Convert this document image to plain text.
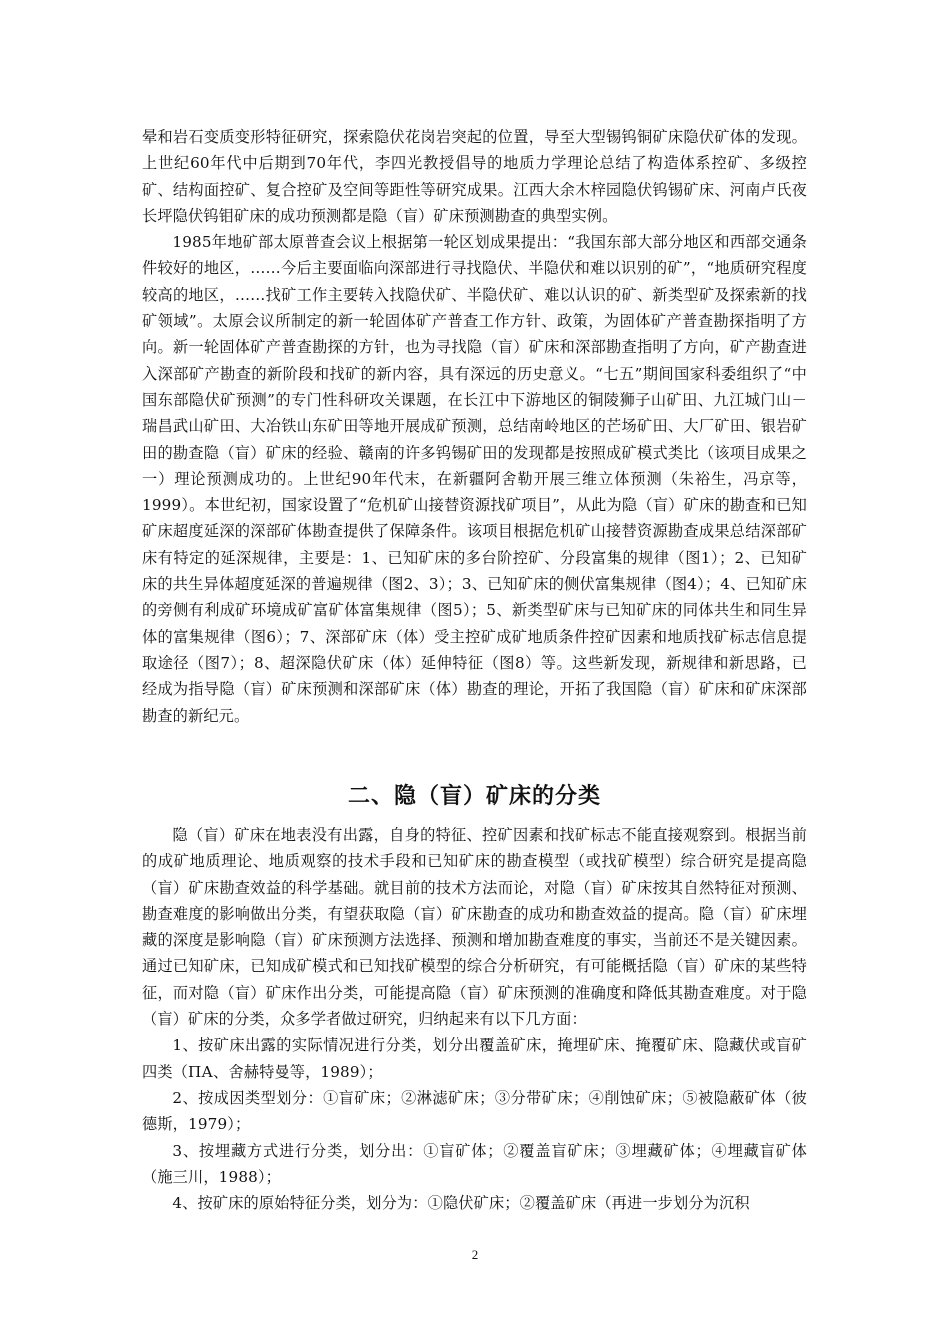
晕和岩石变质变形特征研究，探索隐伏花岗岩突起的位置，导至大型锡钨铜矿床隐伏矿体的发现。上世纪60年代中后期到70年代，李四光教授倡导的地质力学理论总结了构造体系控矿、多级控矿、结构面控矿、复合控矿及空间等距性等研究成果。江西大余木梓园隐伏钨锡矿床、河南卢氏夜长坪隐伏钨钼矿床的成功预测都是隐（盲）矿床预测勘查的典型实例。

1985年地矿部太原普查会议上根据第一轮区划成果提出：“我国东部大部分地区和西部交通条件较好的地区，……今后主要面临向深部进行寻找隐伏、半隐伏和难以识别的矿”，“地质研究程度较高的地区，……找矿工作主要转入找隐伏矿、半隐伏矿、难以认识的矿、新类型矿及探索新的找矿领域”。太原会议所制定的新一轮固体矿产普查工作方针、政策，为固体矿产普查勘探指明了方向。新一轮固体矿产普查勘探的方针，也为寻找隐（盲）矿床和深部勘查指明了方向，矿产勘查进入深部矿产勘查的新阶段和找矿的新内容，具有深远的历史意义。“七五”期间国家科委组织了“中国东部隐伏矿预测”的专门性科研攻关课题，在长江中下游地区的铜陵狮子山矿田、九江城门山－瑞昌武山矿田、大冶铁山东矿田等地开展成矿预测，总结南岭地区的芒场矿田、大厂矿田、银岩矿田的勘查隐（盲）矿床的经验、赣南的许多钨锡矿田的发现都是按照成矿模式类比（该项目成果之一）理论预测成功的。上世纪90年代末，在新疆阿舍勒开展三维立体预测（朱裕生，冯京等，1999）。本世纪初，国家设置了“危机矿山接替资源找矿项目”，从此为隐（盲）矿床的勘查和已知矿床超度延深的深部矿体勘查提供了保障条件。该项目根据危机矿山接替资源勘查成果总结深部矿床有特定的延深规律，主要是：1、已知矿床的多台阶控矿、分段富集的规律（图1）；2、已知矿床的共生异体超度延深的普遍规律（图2、3）；3、已知矿床的侧伏富集规律（图4）；4、已知矿床的旁侧有利成矿环境成矿富矿体富集规律（图5）；5、新类型矿床与已知矿床的同体共生和同生异体的富集规律（图6）；7、深部矿床（体）受主控矿成矿地质条件控矿因素和地质找矿标志信息提取途径（图7）；8、超深隐伏矿床（体）延伸特征（图8）等。这些新发现，新规律和新思路，已经成为指导隐（盲）矿床预测和深部矿床（体）勘查的理论，开拓了我国隐（盲）矿床和矿床深部勘查的新纪元。

二、隐（盲）矿床的分类

隐（盲）矿床在地表没有出露，自身的特征、控矿因素和找矿标志不能直接观察到。根据当前的成矿地质理论、地质观察的技术手段和已知矿床的勘查模型（或找矿模型）综合研究是提高隐（盲）矿床勘查效益的科学基础。就目前的技术方法而论，对隐（盲）矿床按其自然特征对预测、勘查难度的影响做出分类，有望获取隐（盲）矿床勘查的成功和勘查效益的提高。隐（盲）矿床埋藏的深度是影响隐（盲）矿床预测方法选择、预测和增加勘查难度的事实，当前还不是关键因素。通过已知矿床，已知成矿模式和已知找矿模型的综合分析研究，有可能概括隐（盲）矿床的某些特征，而对隐（盲）矿床作出分类，可能提高隐（盲）矿床预测的准确度和降低其勘查难度。对于隐（盲）矿床的分类，众多学者做过研究，归纳起来有以下几方面：

1、按矿床出露的实际情况进行分类，划分出覆盖矿床，掩埋矿床、掩覆矿床、隐藏伏或盲矿四类（ПА、舍赫特曼等，1989）；

2、按成因类型划分：①盲矿床；②淋滤矿床；③分带矿床；④削蚀矿床；⑤被隐蔽矿体（彼德斯，1979）；

3、按埋藏方式进行分类，划分出：①盲矿体；②覆盖盲矿床；③埋藏矿体；④埋藏盲矿体（施三川，1988）；

4、按矿床的原始特征分类，划分为：①隐伏矿床；②覆盖矿床（再进一步划分为沉积

2
